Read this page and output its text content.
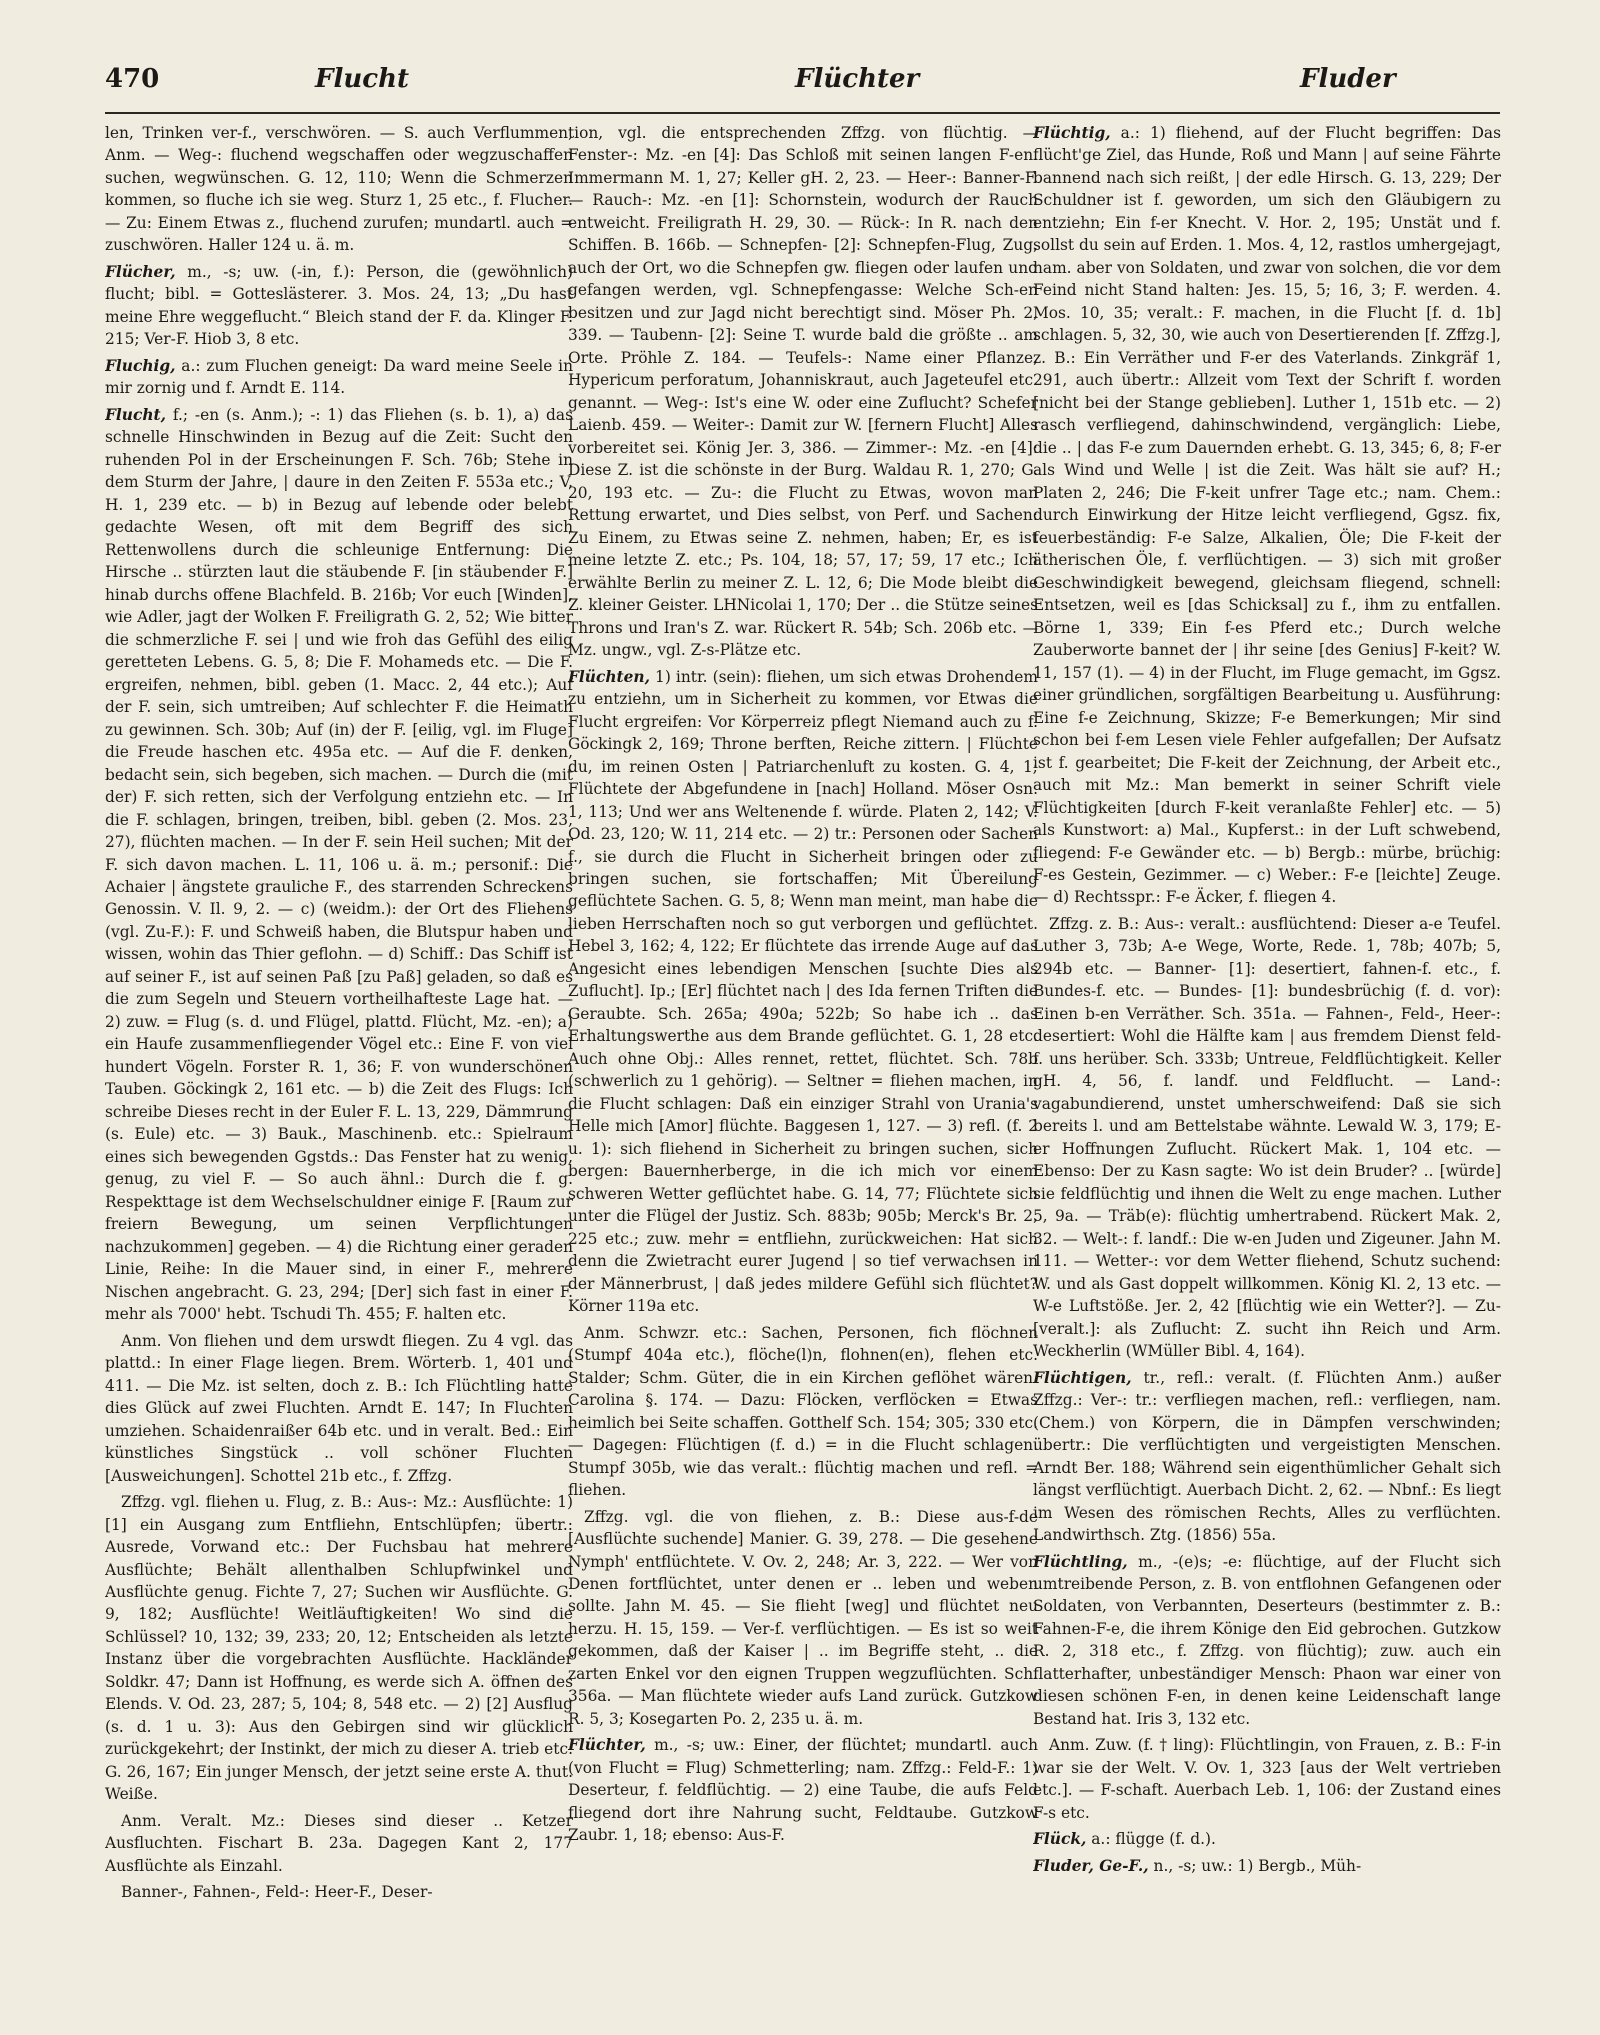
470	Flucht	Flüchter	Fluder

len, Trinken ver-f., verschwören. — S. auch Verflummen, Anm. — Weg-: fluchend wegschaffen oder wegzuschaffen suchen, wegwünschen. G. 12, 110; Wenn die Schmerzen kommen, so fluche ich sie weg. Sturz 1, 25 etc., f. Flucher. — Zu: Einem Etwas z., fluchend zurufen; mundartl. auch = zuschwören. Haller 124 u. ä. m.

Flücher, m., -s; uw. (-in, f.): Person, die (gewöhnlich) flucht; bibl. = Gotteslästerer. 3. Mos. 24, 13; „Du hast meine Ehre weggeflucht.“ Bleich stand der F. da. Klinger F. 215; Ver-F. Hiob 3, 8 etc.

Fluchig, a.: zum Fluchen geneigt: Da ward meine Seele in mir zornig und f. Arndt E. 114.

Flucht, f.; -en (s. Anm.); -: 1) das Fliehen (s. b. 1), a) das schnelle Hinschwinden in Bezug auf die Zeit: Sucht den ruhenden Pol in der Erscheinungen F. Sch. 76b; Stehe in dem Sturm der Jahre, | daure in den Zeiten F. 553a etc.; V. H. 1, 239 etc. — b) in Bezug auf lebende oder belebt gedachte Wesen, oft mit dem Begriff des sich Rettenwollens durch die schleunige Entfernung: Die Hirsche .. stürzten laut die stäubende F. [in stäubender F.] hinab durchs offene Blachfeld. B. 216b; Vor euch [Winden], wie Adler, jagt der Wolken F. Freiligrath G. 2, 52; Wie bitter die schmerzliche F. sei | und wie froh das Gefühl des eilig geretteten Lebens. G. 5, 8; Die F. Mohameds etc. — Die F. ergreifen, nehmen, bibl. geben (1. Macc. 2, 44 etc.); Auf der F. sein, sich umtreiben; Auf schlechter F. die Heimath zu gewinnen. Sch. 30b; Auf (in) der F. [eilig, vgl. im Fluge] die Freude haschen etc. 495a etc. — Auf die F. denken, bedacht sein, sich begeben, sich machen. — Durch die (mit der) F. sich retten, sich der Verfolgung entziehn etc. — In die F. schlagen, bringen, treiben, bibl. geben (2. Mos. 23, 27), flüchten machen. — In der F. sein Heil suchen; Mit der F. sich davon machen. L. 11, 106 u. ä. m.; personif.: Die Achaier | ängstete grauliche F., des starrenden Schreckens Genossin. V. Il. 9, 2. — c) (weidm.): der Ort des Fliehens (vgl. Zu-F.): F. und Schweiß haben, die Blutspur haben und wissen, wohin das Thier geflohn. — d) Schiff.: Das Schiff ist auf seiner F., ist auf seinen Paß [zu Paß] geladen, so daß es die zum Segeln und Steuern vortheilhafteste Lage hat. — 2) zuw. = Flug (s. d. und Flügel, plattd. Flücht, Mz. -en); a) ein Haufe zusammenfliegender Vögel etc.: Eine F. von viel hundert Vögeln. Forster R. 1, 36; F. von wunderschönen Tauben. Göckingk 2, 161 etc. — b) die Zeit des Flugs: Ich schreibe Dieses recht in der Euler F. L. 13, 229, Dämmrung (s. Eule) etc. — 3) Bauk., Maschinenb. etc.: Spielraum eines sich bewegenden Ggstds.: Das Fenster hat zu wenig, genug, zu viel F. — So auch ähnl.: Durch die f. g. Respekttage ist dem Wechselschuldner einige F. [Raum zur freiern Bewegung, um seinen Verpflichtungen nachzukommen] gegeben. — 4) die Richtung einer geraden Linie, Reihe: In die Mauer sind, in einer F., mehrere Nischen angebracht. G. 23, 294; [Der] sich fast in einer F. mehr als 7000' hebt. Tschudi Th. 455; F. halten etc.

Anm. Von fliehen und dem urswdt fliegen. Zu 4 vgl. das plattd.: In einer Flage liegen. Brem. Wörterb. 1, 401 und 411. — Die Mz. ist selten, doch z. B.: Ich Flüchtling hatte dies Glück auf zwei Fluchten. Arndt E. 147; In Fluchten umziehen. Schaidenraißer 64b etc. und in veralt. Bed.: Ein künstliches Singstück .. voll schöner Fluchten [Ausweichungen]. Schottel 21b etc., f. Zffzg.

Zffzg. vgl. fliehen u. Flug, z. B.: Aus-: Mz.: Ausflüchte: 1) [1] ein Ausgang zum Entfliehn, Entschlüpfen; übertr.: Ausrede, Vorwand etc.: Der Fuchsbau hat mehrere Ausflüchte; Behält allenthalben Schlupfwinkel und Ausflüchte genug. Fichte 7, 27; Suchen wir Ausflüchte. G. 9, 182; Ausflüchte! Weitläuftigkeiten! Wo sind die Schlüssel? 10, 132; 39, 233; 20, 12; Entscheiden als letzte Instanz über die vorgebrachten Ausflüchte. Hackländer Soldkr. 47; Dann ist Hoffnung, es werde sich A. öffnen des Elends. V. Od. 23, 287; 5, 104; 8, 548 etc. — 2) [2] Ausflug (s. d. 1 u. 3): Aus den Gebirgen sind wir glücklich zurückgekehrt; der Instinkt, der mich zu dieser A. trieb etc. G. 26, 167; Ein junger Mensch, der jetzt seine erste A. thut. Weiße.

Anm. Veralt. Mz.: Dieses sind dieser .. Ketzer Ausfluchten. Fischart B. 23a. Dagegen Kant 2, 177 Ausflüchte als Einzahl.

Banner-, Fahnen-, Feld-: Heer-F., Deser-

tion, vgl. die entsprechenden Zffzg. von flüchtig. — Fenster-: Mz. -en [4]: Das Schloß mit seinen langen F-en. Immermann M. 1, 27; Keller gH. 2, 23. — Heer-: Banner-F. — Rauch-: Mz. -en [1]: Schornstein, wodurch der Rauch entweicht. Freiligrath H. 29, 30. — Rück-: In R. nach den Schiffen. B. 166b. — Schnepfen- [2]: Schnepfen-Flug, Zug, auch der Ort, wo die Schnepfen gw. fliegen oder laufen und gefangen werden, vgl. Schnepfengasse: Welche Sch-en besitzen und zur Jagd nicht berechtigt sind. Möser Ph. 2, 339. — Taubenn- [2]: Seine T. wurde bald die größte .. am Orte. Pröhle Z. 184. — Teufels-: Name einer Pflanze, Hypericum perforatum, Johanniskraut, auch Jageteufel etc. genannt. — Weg-: Ist's eine W. oder eine Zuflucht? Schefer Laienb. 459. — Weiter-: Damit zur W. [fernern Flucht] Alles vorbereitet sei. König Jer. 3, 386. — Zimmer-: Mz. -en [4]: Diese Z. ist die schönste in der Burg. Waldau R. 1, 270; G. 20, 193 etc. — Zu-: die Flucht zu Etwas, wovon man Rettung erwartet, und Dies selbst, von Perf. und Sachen: Zu Einem, zu Etwas seine Z. nehmen, haben; Er, es ist meine letzte Z. etc.; Ps. 104, 18; 57, 17; 59, 17 etc.; Ich erwählte Berlin zu meiner Z. L. 12, 6; Die Mode bleibt die Z. kleiner Geister. LHNicolai 1, 170; Der .. die Stütze seines Throns und Iran's Z. war. Rückert R. 54b; Sch. 206b etc. — Mz. ungw., vgl. Z-s-Plätze etc.

Flüchten, 1) intr. (sein): fliehen, um sich etwas Drohendem zu entziehn, um in Sicherheit zu kommen, vor Etwas die Flucht ergreifen: Vor Körperreiz pflegt Niemand auch zu f. Göckingk 2, 169; Throne berften, Reiche zittern. | Flüchte du, im reinen Osten | Patriarchenluft zu kosten. G. 4, 1; Flüchtete der Abgefundene in [nach] Holland. Möser Osn. 1, 113; Und wer ans Weltenende f. würde. Platen 2, 142; V. Od. 23, 120; W. 11, 214 etc. — 2) tr.: Personen oder Sachen f., sie durch die Flucht in Sicherheit bringen oder zu bringen suchen, sie fortschaffen; Mit Übereilung geflüchtete Sachen. G. 5, 8; Wenn man meint, man habe die lieben Herrschaften noch so gut verborgen und geflüchtet. Hebel 3, 162; 4, 122; Er flüchtete das irrende Auge auf das Angesicht eines lebendigen Menschen [suchte Dies als Zuflucht]. Ip.; [Er] flüchtet nach | des Ida fernen Triften die Geraubte. Sch. 265a; 490a; 522b; So habe ich .. das Erhaltungswerthe aus dem Brande geflüchtet. G. 1, 28 etc. Auch ohne Obj.: Alles rennet, rettet, flüchtet. Sch. 78b (schwerlich zu 1 gehörig). — Seltner = fliehen machen, in die Flucht schlagen: Daß ein einziger Strahl von Urania's Helle mich [Amor] flüchte. Baggesen 1, 127. — 3) refl. (f. 2 u. 1): sich fliehend in Sicherheit zu bringen suchen, sich bergen: Bauernherberge, in die ich mich vor einem schweren Wetter geflüchtet habe. G. 14, 77; Flüchtete sich unter die Flügel der Justiz. Sch. 883b; 905b; Merck's Br. 2, 225 etc.; zuw. mehr = entfliehn, zurückweichen: Hat sich denn die Zwietracht eurer Jugend | so tief verwachsen in der Männerbrust, | daß jedes mildere Gefühl sich flüchtet? Körner 119a etc.

Anm. Schwzr. etc.: Sachen, Personen, fich flöchnen (Stumpf 404a etc.), flöche(l)n, flohnen(en), flehen etc. Stalder; Schm. Güter, die in ein Kirchen geflöhet wären. Carolina §. 174. — Dazu: Flöcken, verflöcken = Etwas heimlich bei Seite schaffen. Gotthelf Sch. 154; 305; 330 etc. — Dagegen: Flüchtigen (f. d.) = in die Flucht schlagen. Stumpf 305b, wie das veralt.: flüchtig machen und refl. = fliehen.

Zffzg. vgl. die von fliehen, z. B.: Diese aus-f-de [Ausflüchte suchende] Manier. G. 39, 278. — Die gesehene Nymph' entflüchtete. V. Ov. 2, 248; Ar. 3, 222. — Wer von Denen fortflüchtet, unter denen er .. leben und weben sollte. Jahn M. 45. — Sie flieht [weg] und flüchtet neu herzu. H. 15, 159. — Ver-f. verflüchtigen. — Es ist so weit gekommen, daß der Kaiser | .. im Begriffe steht, .. die zarten Enkel vor den eignen Truppen wegzuflüchten. Sch. 356a. — Man flüchtete wieder aufs Land zurück. Gutzkow R. 5, 3; Kosegarten Po. 2, 235 u. ä. m.

Flüchter, m., -s; uw.: Einer, der flüchtet; mundartl. auch (von Flucht = Flug) Schmetterling; nam. Zffzg.: Feld-F.: 1) Deserteur, f. feldflüchtig. — 2) eine Taube, die aufs Feld fliegend dort ihre Nahrung sucht, Feldtaube. Gutzkow Zaubr. 1, 18; ebenso: Aus-F.

Flüchtig, a.: 1) fliehend, auf der Flucht begriffen: Das flücht'ge Ziel, das Hunde, Roß und Mann | auf seine Fährte bannend nach sich reißt, | der edle Hirsch. G. 13, 229; Der Schuldner ist f. geworden, um sich den Gläubigern zu entziehn; Ein f-er Knecht. V. Hor. 2, 195; Unstät und f. sollst du sein auf Erden. 1. Mos. 4, 12, rastlos umhergejagt, nam. aber von Soldaten, und zwar von solchen, die vor dem Feind nicht Stand halten: Jes. 15, 5; 16, 3; F. werden. 4. Mos. 10, 35; veralt.: F. machen, in die Flucht [f. d. 1b] schlagen. 5, 32, 30, wie auch von Desertierenden [f. Zffzg.], z. B.: Ein Verräther und F-er des Vaterlands. Zinkgräf 1, 291, auch übertr.: Allzeit vom Text der Schrift f. worden [nicht bei der Stange geblieben]. Luther 1, 151b etc. — 2) rasch verfliegend, dahinschwindend, vergänglich: Liebe, die .. | das F-e zum Dauernden erhebt. G. 13, 345; 6, 8; F-er als Wind und Welle | ist die Zeit. Was hält sie auf? H.; Platen 2, 246; Die F-keit unfrer Tage etc.; nam. Chem.: durch Einwirkung der Hitze leicht verfliegend, Ggsz. fix, feuerbeständig: F-e Salze, Alkalien, Öle; Die F-keit der ätherischen Öle, f. verflüchtigen. — 3) sich mit großer Geschwindigkeit bewegend, gleichsam fliegend, schnell: Entsetzen, weil es [das Schicksal] zu f., ihm zu entfallen. Börne 1, 339; Ein f-es Pferd etc.; Durch welche Zauberworte bannet der | ihr seine [des Genius] F-keit? W. 11, 157 (1). — 4) in der Flucht, im Fluge gemacht, im Ggsz. einer gründlichen, sorgfältigen Bearbeitung u. Ausführung: Eine f-e Zeichnung, Skizze; F-e Bemerkungen; Mir sind schon bei f-em Lesen viele Fehler aufgefallen; Der Aufsatz ist f. gearbeitet; Die F-keit der Zeichnung, der Arbeit etc., auch mit Mz.: Man bemerkt in seiner Schrift viele Flüchtigkeiten [durch F-keit veranlaßte Fehler] etc. — 5) als Kunstwort: a) Mal., Kupferst.: in der Luft schwebend, fliegend: F-e Gewänder etc. — b) Bergb.: mürbe, brüchig: F-es Gestein, Gezimmer. — c) Weber.: F-e [leichte] Zeuge. — d) Rechtsspr.: F-e Äcker, f. fliegen 4.

Zffzg. z. B.: Aus-: veralt.: ausflüchtend: Dieser a-e Teufel. Luther 3, 73b; A-e Wege, Worte, Rede. 1, 78b; 407b; 5, 294b etc. — Banner- [1]: desertiert, fahnen-f. etc., f. Bundes-f. etc. — Bundes- [1]: bundesbrüchig (f. d. vor): Einen b-en Verräther. Sch. 351a. — Fahnen-, Feld-, Heer-: desertiert: Wohl die Hälfte kam | aus fremdem Dienst feld-f. uns herüber. Sch. 333b; Untreue, Feldflüchtigkeit. Keller gH. 4, 56, f. landf. und Feldflucht. — Land-: vagabundierend, unstet umherschweifend: Daß sie sich bereits l. und am Bettelstabe wähnte. Lewald W. 3, 179; E-er Hoffnungen Zuflucht. Rückert Mak. 1, 104 etc. — Ebenso: Der zu Kasn sagte: Wo ist dein Bruder? .. [würde] sie feldflüchtig und ihnen die Welt zu enge machen. Luther 5, 9a. — Träb(e): flüchtig umhertrabend. Rückert Mak. 2, 32. — Welt-: f. landf.: Die w-en Juden und Zigeuner. Jahn M. 111. — Wetter-: vor dem Wetter fliehend, Schutz suchend: W. und als Gast doppelt willkommen. König Kl. 2, 13 etc. — W-e Luftstöße. Jer. 2, 42 [flüchtig wie ein Wetter?]. — Zu- [veralt.]: als Zuflucht: Z. sucht ihn Reich und Arm. Weckherlin (WMüller Bibl. 4, 164).

Flüchtigen, tr., refl.: veralt. (f. Flüchten Anm.) außer Zffzg.: Ver-: tr.: verfliegen machen, refl.: verfliegen, nam. (Chem.) von Körpern, die in Dämpfen verschwinden; übertr.: Die verflüchtigten und vergeistigten Menschen. Arndt Ber. 188; Während sein eigenthümlicher Gehalt sich längst verflüchtigt. Auerbach Dicht. 2, 62. — Nbnf.: Es liegt im Wesen des römischen Rechts, Alles zu verflüchten. Landwirthsch. Ztg. (1856) 55a.

Flüchtling, m., -(e)s; -e: flüchtige, auf der Flucht sich umtreibende Person, z. B. von entflohnen Gefangenen oder Soldaten, von Verbannten, Deserteurs (bestimmter z. B.: Fahnen-F-e, die ihrem Könige den Eid gebrochen. Gutzkow R. 2, 318 etc., f. Zffzg. von flüchtig); zuw. auch ein flatterhafter, unbeständiger Mensch: Phaon war einer von diesen schönen F-en, in denen keine Leidenschaft lange Bestand hat. Iris 3, 132 etc.

Anm. Zuw. (f. † ling): Flüchtlingin, von Frauen, z. B.: F-in war sie der Welt. V. Ov. 1, 323 [aus der Welt vertrieben etc.]. — F-schaft. Auerbach Leb. 1, 106: der Zustand eines F-s etc.

Flück, a.: flügge (f. d.).

Fluder, Ge-F., n., -s; uw.: 1) Bergb., Müh-
